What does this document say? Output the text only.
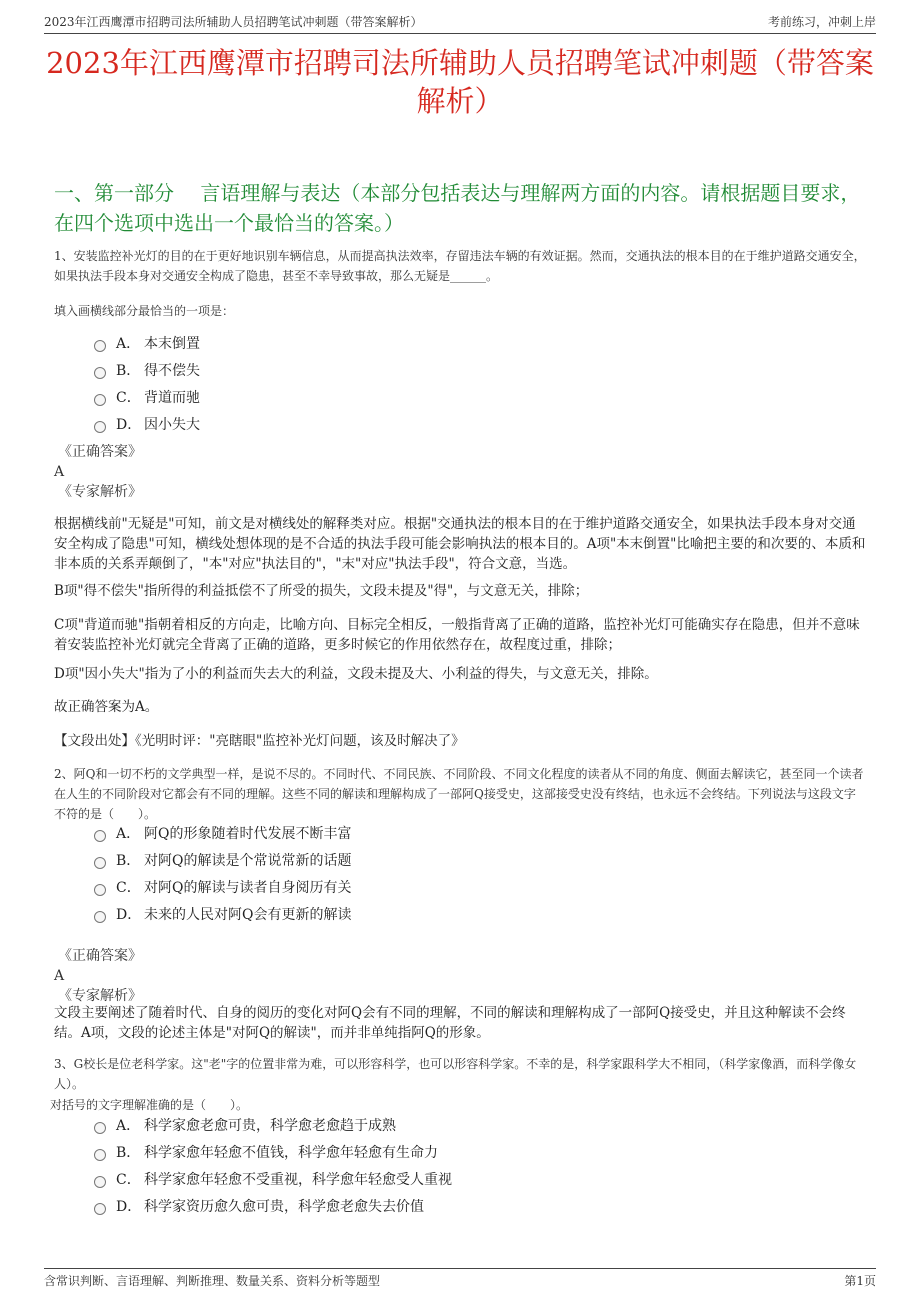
2023年江西鹰潭市招聘司法所辅助人员招聘笔试冲刺题（带答案解析）	考前练习，冲刺上岸
2023年江西鹰潭市招聘司法所辅助人员招聘笔试冲刺题（带答案解析）
一、第一部分　 言语理解与表达（本部分包括表达与理解两方面的内容。请根据题目要求，在四个选项中选出一个最恰当的答案。）
1、安装监控补光灯的目的在于更好地识别车辆信息，从而提高执法效率，存留违法车辆的有效证据。然而，交通执法的根本目的在于维护道路交通安全，如果执法手段本身对交通安全构成了隐患，甚至不幸导致事故，那么无疑是______。
填入画横线部分最恰当的一项是：
A． 本末倒置
B． 得不偿失
C． 背道而驰
D． 因小失大
《正确答案》
A
《专家解析》
根据横线前"无疑是"可知，前文是对横线处的解释类对应。根据"交通执法的根本目的在于维护道路交通安全，如果执法手段本身对交通安全构成了隐患"可知，横线处想体现的是不合适的执法手段可能会影响执法的根本目的。A项"本末倒置"比喻把主要的和次要的、本质和非本质的关系弄颠倒了，"本"对应"执法目的"，"末"对应"执法手段"，符合文意，当选。
B项"得不偿失"指所得的利益抵偿不了所受的损失，文段未提及"得"，与文意无关，排除；
C项"背道而驰"指朝着相反的方向走，比喻方向、目标完全相反，一般指背离了正确的道路，监控补光灯可能确实存在隐患，但并不意味着安装监控补光灯就完全背离了正确的道路，更多时候它的作用依然存在，故程度过重，排除；
D项"因小失大"指为了小的利益而失去大的利益，文段未提及大、小利益的得失，与文意无关，排除。
故正确答案为A。
【文段出处】《光明时评："亮瞎眼"监控补光灯问题，该及时解决了》
2、阿Q和一切不朽的文学典型一样，是说不尽的。不同时代、不同民族、不同阶段、不同文化程度的读者从不同的角度、侧面去解读它，甚至同一个读者在人生的不同阶段对它都会有不同的理解。这些不同的解读和理解构成了一部阿Q接受史，这部接受史没有终结，也永远不会终结。下列说法与这段文字不符的是（　　）。
A． 阿Q的形象随着时代发展不断丰富
B． 对阿Q的解读是个常说常新的话题
C． 对阿Q的解读与读者自身阅历有关
D． 未来的人民对阿Q会有更新的解读
《正确答案》
A
《专家解析》
文段主要阐述了随着时代、自身的阅历的变化对阿Q会有不同的理解，不同的解读和理解构成了一部阿Q接受史，并且这种解读不会终结。A项，文段的论述主体是"对阿Q的解读"，而并非单纯指阿Q的形象。
3、G校长是位老科学家。这"老"字的位置非常为难，可以形容科学，也可以形容科学家。不幸的是，科学家跟科学大不相同，（科学家像酒，而科学像女人）。
对括号的文字理解准确的是（　　）。
A． 科学家愈老愈可贵，科学愈老愈趋于成熟
B． 科学家愈年轻愈不值钱，科学愈年轻愈有生命力
C． 科学家愈年轻愈不受重视，科学愈年轻愈受人重视
D． 科学家资历愈久愈可贵，科学愈老愈失去价值
含常识判断、言语理解、判断推理、数量关系、资料分析等题型	第1页
